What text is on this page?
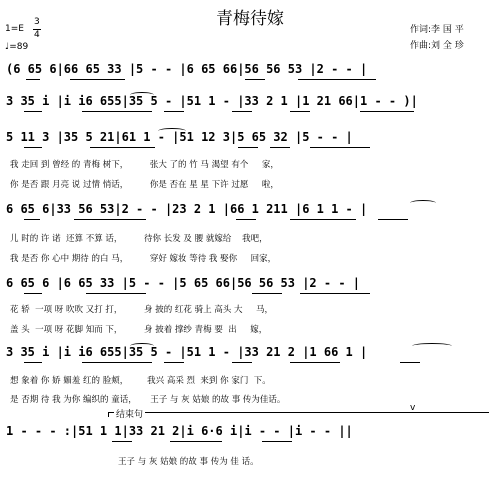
青梅待嫁
1=E
3
4
♩=89
作词:李 国 平
作曲:刘 全 珍
(6 65 6|66 65 33 |5 - - |6 65 66|56 56 53 |2 - - |
3 35 i |i i6 655|35 5 - |51 1 - |33 2 1 |1 21 66|1 - - )|
5 11 3 |35 5 21|61 1 - |51 12 3|5 65 32 |5 - - |
我 走回 到 曾经 的 青梅 树下，        张大 了的 竹 马 渴望 有个     家，
你 是否 跟 月亮 说 过情 悄话，        你是 否在 星 星 下许 过愿     啦，
6 65 6|33 56 53|2 - - |23 2 1 |66 1 211 |6 1 1 - |
儿 时的 许 诺  还算 不算 话，        待你 长发 及 腰 就嫁给    我吧，
我 是否 你 心中 期待 的白 马，        穿好 嫁妆 等待 我 娶你     回家，
6 65 6 |6 65 33 |5 - - |5 65 66|56 56 53 |2 - - |
花 轿  一项 呀 吹吹 又打 打，        身 披的 红花 骑上 高头 大     马，
盖 头  一项 呀 花脚 知而 下，        身 披着 撑纱 青梅 要  出     嫁，
3 35 i |i i6 655|35 5 - |51 1 - |33 21 2 |1 66 1 |
想 象着 你 娇 媚羞 红的 脸颊，       我兴 高采 烈  来到 你 家门  下。
是 否期 待 我 为你 编织的 童话，     王子 与 灰 姑娘 的故 事 传为佳话。
结束句
v
1 - - - :|51 1 1|33 21 2|i 6·6 i|i - - |i - - ||
王子 与 灰 姑娘 的故 事 传为 佳 话。
